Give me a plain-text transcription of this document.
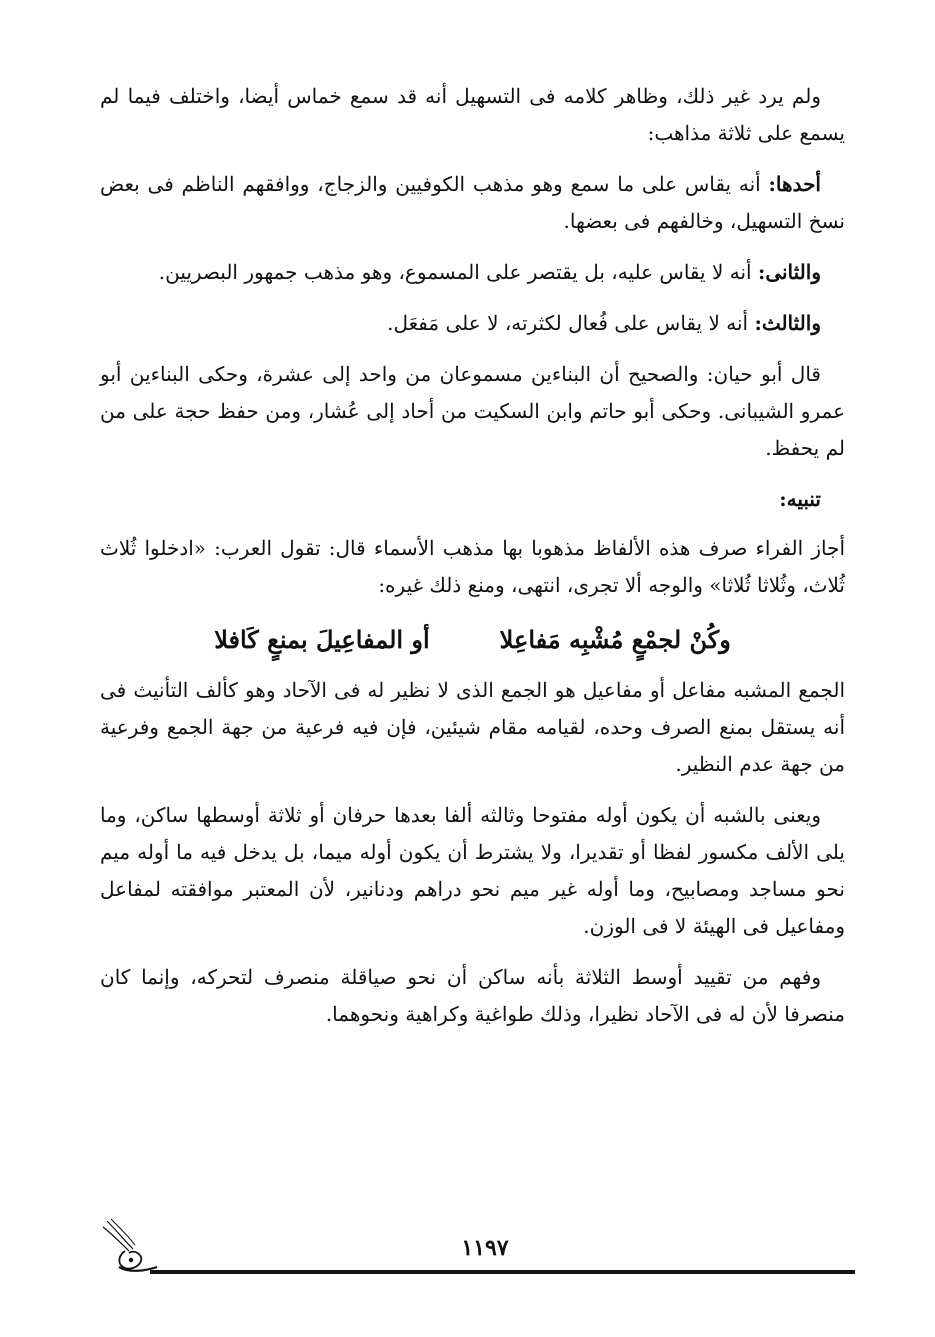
ولم يرد غير ذلك، وظاهر كلامه فى التسهيل أنه قد سمع خماس أيضا، واختلف فيما لم يسمع على ثلاثة مذاهب:

أحدها: أنه يقاس على ما سمع وهو مذهب الكوفيين والزجاج، ووافقهم الناظم فى بعض نسخ التسهيل، وخالفهم فى بعضها.

والثانى: أنه لا يقاس عليه، بل يقتصر على المسموع، وهو مذهب جمهور البصريين.

والثالث: أنه لا يقاس على فُعال لكثرته، لا على مَفعَل.

قال أبو حيان: والصحيح أن البناءين مسموعان من واحد إلى عشرة، وحكى البناءين أبو عمرو الشيبانى. وحكى أبو حاتم وابن السكيت من أحاد إلى عُشار، ومن حفظ حجة على من لم يحفظ.

تنبيه:

أجاز الفراء صرف هذه الألفاظ مذهوبا بها مذهب الأسماء قال: تقول العرب: «ادخلوا ثُلاث ثُلاث، وثُلاثا ثُلاثا» والوجه ألا تجرى، انتهى، ومنع ذلك غيره:

وكُنْ لجمْعٍ مُشْبِه مَفاعِلا
أو المفاعِيلَ بمنعٍ كَافلا

الجمع المشبه مفاعل أو مفاعيل هو الجمع الذى لا نظير له فى الآحاد وهو كألف التأنيث فى أنه يستقل بمنع الصرف وحده، لقيامه مقام شيئين، فإن فيه فرعية من جهة الجمع وفرعية من جهة عدم النظير.

ويعنى بالشبه أن يكون أوله مفتوحا وثالثه ألفا بعدها حرفان أو ثلاثة أوسطها ساكن، وما يلى الألف مكسور لفظا أو تقديرا، ولا يشترط أن يكون أوله ميما، بل يدخل فيه ما أوله ميم نحو مساجد ومصابيح، وما أوله غير ميم نحو دراهم ودنانير، لأن المعتبر موافقته لمفاعل ومفاعيل فى الهيئة لا فى الوزن.

وفهم من تقييد أوسط الثلاثة بأنه ساكن أن نحو صياقلة منصرف لتحركه، وإنما كان منصرفا لأن له فى الآحاد نظيرا، وذلك طواغية وكراهية ونحوهما.

١١٩٧
